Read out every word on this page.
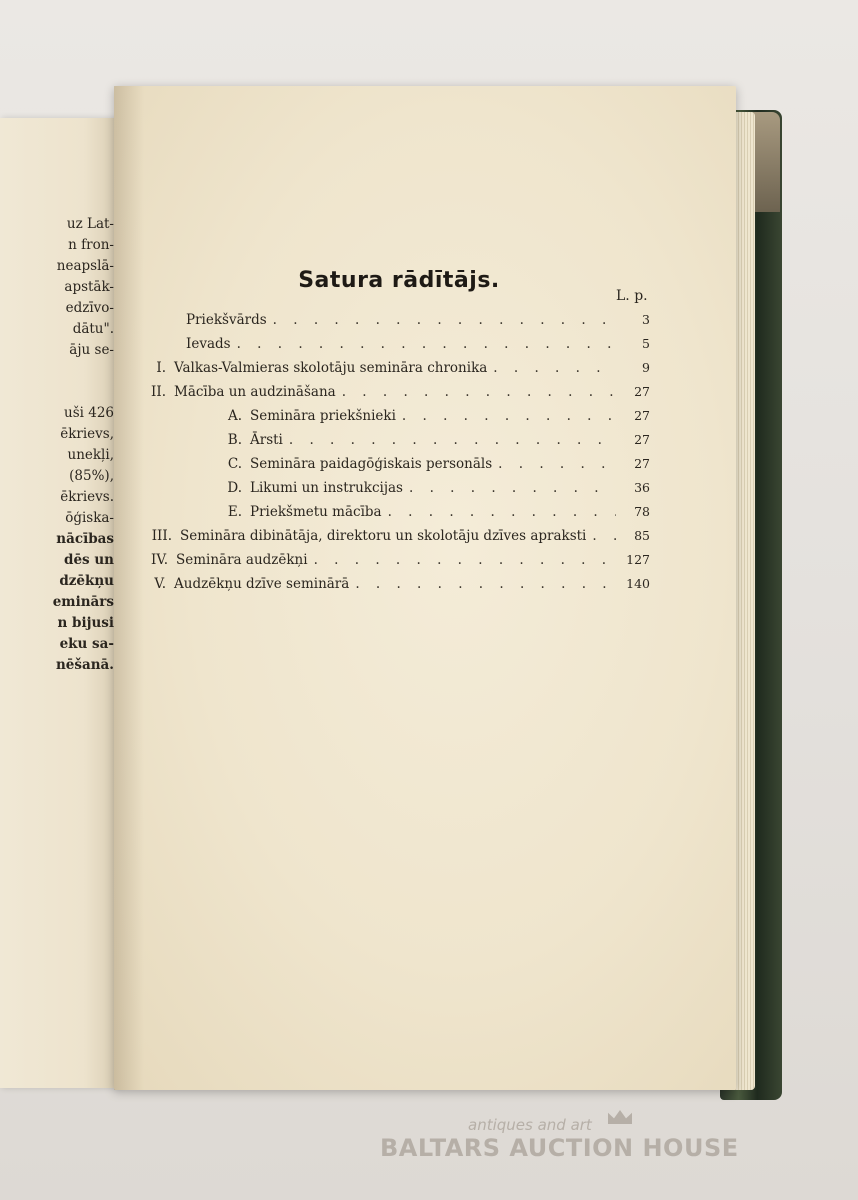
uz Lat-
n fron-
neapslā-
apstāk-
edzīvo-
dātu".
āju se-

uši 426
ēkrievs,
unekļi,
(85%),
ēkrievs.
ōģiska-
nācības
dēs un
dzēkņu
eminārs
n bijusi
eku sa-
nēšanā.
Satura rādītājs.
L. p.
Priekšvārds . . .	3
Ievads . . .	5
I. Valkas-Valmieras skolotāju semināra chronika . . .	9
II. Mācība un audzināšana . . .	27
A. Semināra priekšnieki . . .	27
B. Ārsti . . .	27
C. Semināra paidagōģiskais personāls . . .	27
D. Likumi un instrukcijas . . .	36
E. Priekšmetu mācība . . .	78
III. Semināra dibinātāja, direktoru un skolotāju dzīves apraksti . . .	85
IV. Semināra audzēkņi . . .	127
V. Audzēkņu dzīve seminārā . . .	140
antiques and art
BALTARS AUCTION HOUSE
